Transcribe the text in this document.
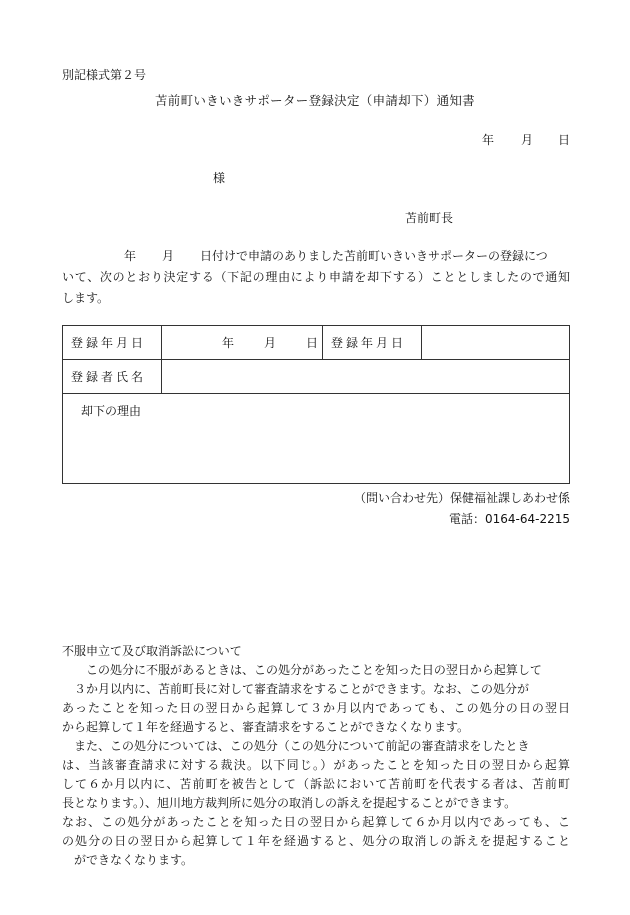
別記様式第２号
苫前町いきいきサポーター登録決定（申請却下）通知書
年 月 日
様
苫前町長
年 月 日付けで申請のありました苫前町いきいきサポーターの登録につ
いて、次のとおり決定する（下記の理由により申請を却下する）こととしましたので通知
します。
登録年月日	年 月 日	登録年月日	
登録者氏名			
却下の理由			
（問い合わせ先）保健福祉課しあわせ係
電話：0164-64-2215
不服申立て及び取消訴訟について
この処分に不服があるときは、この処分があったことを知った日の翌日から起算して
３か月以内に、苫前町長に対して審査請求をすることができます。なお、この処分が
あったことを知った日の翌日から起算して３か月以内であっても、この処分の日の翌日
から起算して１年を経過すると、審査請求をすることができなくなります。
また、この処分については、この処分（この処分について前記の審査請求をしたとき
は、当該審査請求に対する裁決。以下同じ。）があったことを知った日の翌日から起算
して６か月以内に、苫前町を被告として（訴訟において苫前町を代表する者は、苫前町
長となります。）、旭川地方裁判所に処分の取消しの訴えを提起することができます。
なお、この処分があったことを知った日の翌日から起算して６か月以内であっても、こ
の処分の日の翌日から起算して１年を経過すると、処分の取消しの訴えを提起すること
ができなくなります。
